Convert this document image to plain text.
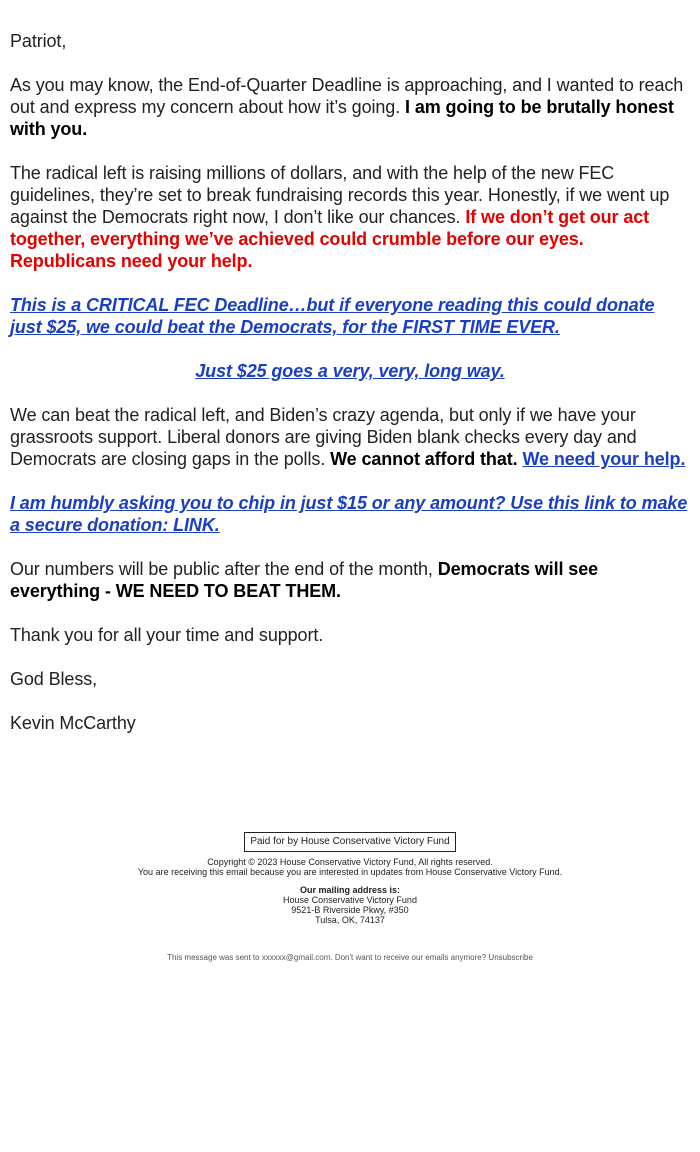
Patriot,

As you may know, the End-of-Quarter Deadline is approaching, and I wanted to reach out and express my concern about how it’s going. I am going to be brutally honest with you.

The radical left is raising millions of dollars, and with the help of the new FEC guidelines, they’re set to break fundraising records this year. Honestly, if we went up against the Democrats right now, I don’t like our chances. If we don’t get our act together, everything we’ve achieved could crumble before our eyes. Republicans need your help.

This is a CRITICAL FEC Deadline…but if everyone reading this could donate just $25, we could beat the Democrats, for the FIRST TIME EVER.

Just $25 goes a very, very, long way.

We can beat the radical left, and Biden’s crazy agenda, but only if we have your grassroots support. Liberal donors are giving Biden blank checks every day and Democrats are closing gaps in the polls. We cannot afford that. We need your help.

I am humbly asking you to chip in just $15 or any amount? Use this link to make a secure donation: LINK.

Our numbers will be public after the end of the month, Democrats will see everything - WE NEED TO BEAT THEM.

Thank you for all your time and support.

God Bless,

Kevin McCarthy

Paid for by House Conservative Victory Fund
Copyright © 2023 House Conservative Victory Fund, All rights reserved.
You are receiving this email because you are interested in updates from House Conservative Victory Fund.
Our mailing address is:
House Conservative Victory Fund
9521-B Riverside Pkwy, #350
Tulsa, OK, 74137
This message was sent to xxxxxx@gmail.com. Don't want to receive our emails anymore? Unsubscribe
